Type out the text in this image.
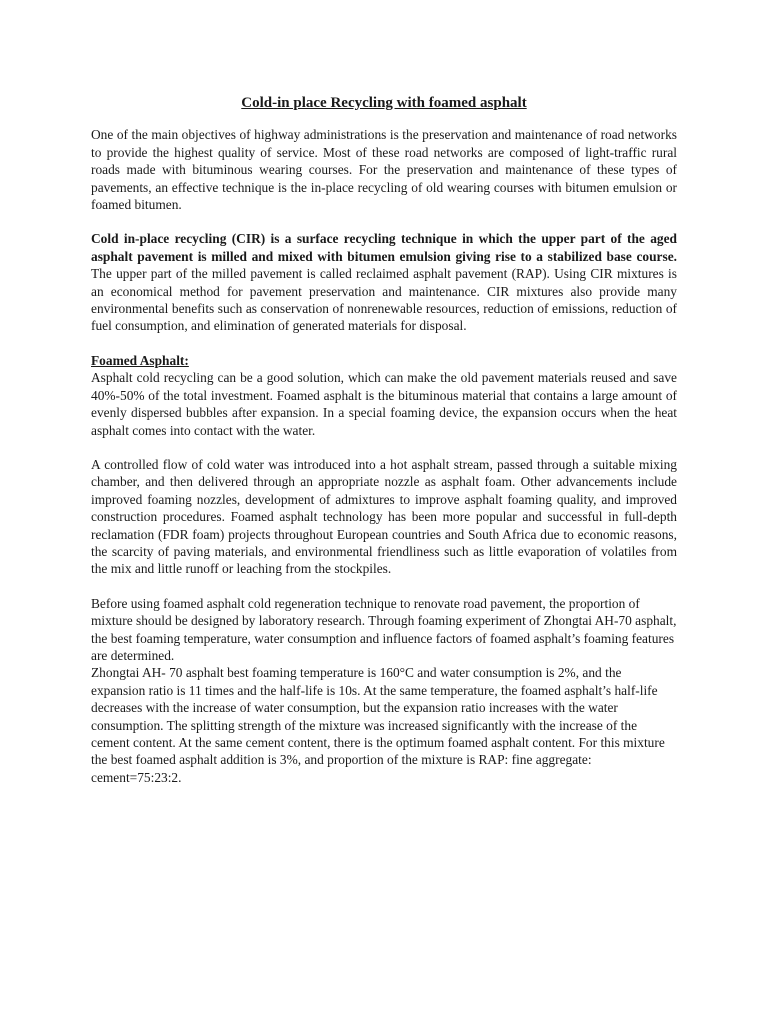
Cold-in place Recycling with foamed asphalt

One of the main objectives of highway administrations is the preservation and maintenance of road networks to provide the highest quality of service. Most of these road networks are composed of light-traffic rural roads made with bituminous wearing courses. For the preservation and maintenance of these types of pavements, an effective technique is the in-place recycling of old wearing courses with bitumen emulsion or foamed bitumen.

Cold in-place recycling (CIR) is a surface recycling technique in which the upper part of the aged asphalt pavement is milled and mixed with bitumen emulsion giving rise to a stabilized base course. The upper part of the milled pavement is called reclaimed asphalt pavement (RAP). Using CIR mixtures is an economical method for pavement preservation and maintenance. CIR mixtures also provide many environmental benefits such as conservation of nonrenewable resources, reduction of emissions, reduction of fuel consumption, and elimination of generated materials for disposal.

Foamed Asphalt:

Asphalt cold recycling can be a good solution, which can make the old pavement materials reused and save 40%-50% of the total investment. Foamed asphalt is the bituminous material that contains a large amount of evenly dispersed bubbles after expansion. In a special foaming device, the expansion occurs when the heat asphalt comes into contact with the water.

A controlled flow of cold water was introduced into a hot asphalt stream, passed through a suitable mixing chamber, and then delivered through an appropriate nozzle as asphalt foam. Other advancements include improved foaming nozzles, development of admixtures to improve asphalt foaming quality, and improved construction procedures. Foamed asphalt technology has been more popular and successful in full-depth reclamation (FDR foam) projects throughout European countries and South Africa due to economic reasons, the scarcity of paving materials, and environmental friendliness such as little evaporation of volatiles from the mix and little runoff or leaching from the stockpiles.

Before using foamed asphalt cold regeneration technique to renovate road pavement, the proportion of mixture should be designed by laboratory research. Through foaming experiment of Zhongtai AH-70 asphalt, the best foaming temperature, water consumption and influence factors of foamed asphalt’s foaming features are determined.

Zhongtai AH- 70 asphalt best foaming temperature is 160°C and water consumption is 2%, and the expansion ratio is 11 times and the half-life is 10s. At the same temperature, the foamed asphalt’s half-life decreases with the increase of water consumption, but the expansion ratio increases with the water consumption. The splitting strength of the mixture was increased significantly with the increase of the cement content. At the same cement content, there is the optimum foamed asphalt content. For this mixture the best foamed asphalt addition is 3%, and proportion of the mixture is RAP: fine aggregate: cement=75:23:2.
